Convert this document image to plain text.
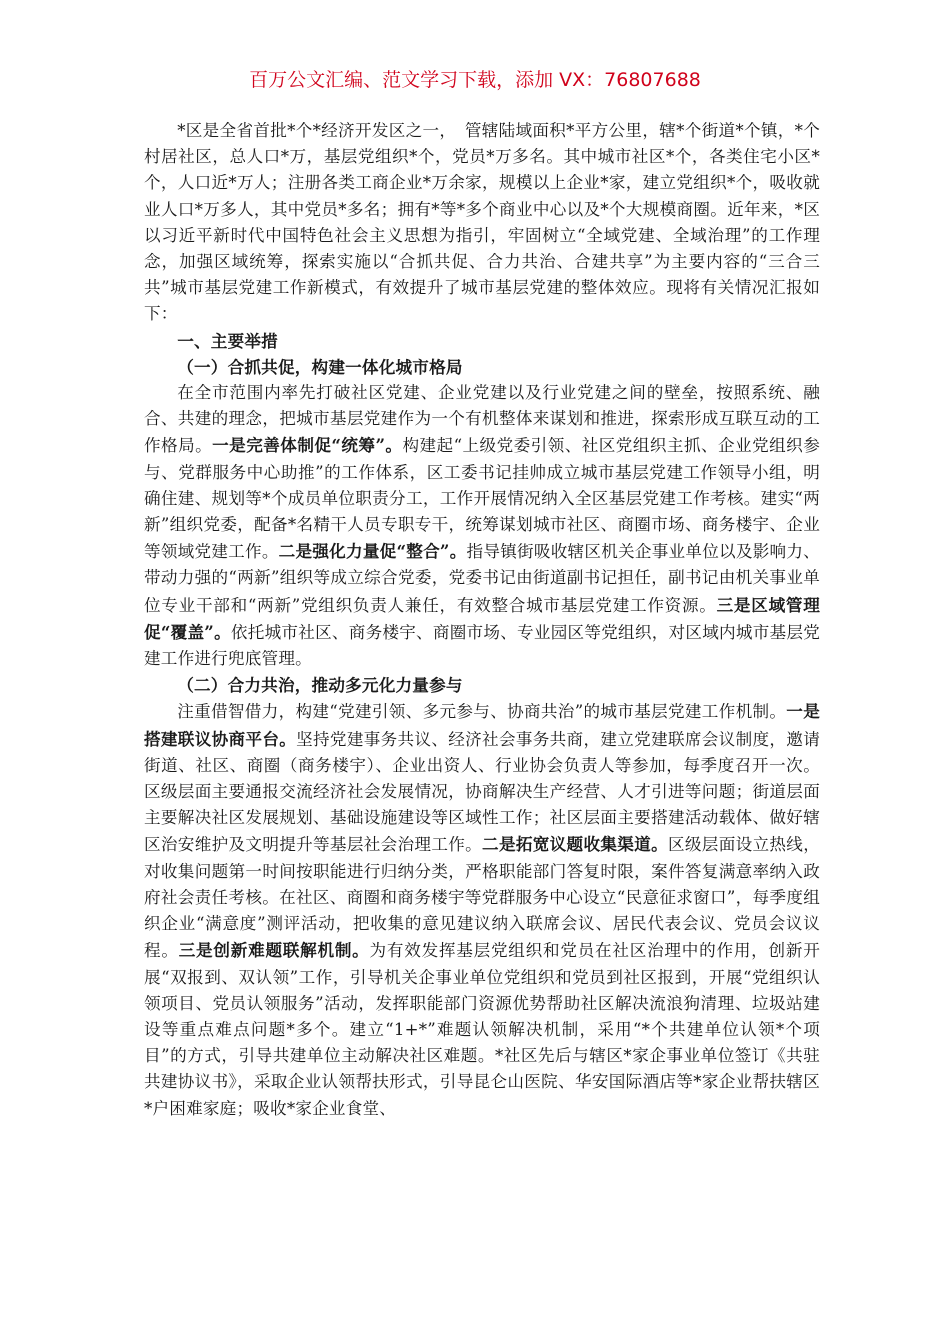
百万公文汇编、范文学习下载，添加 VX：76807688

*区是全省首批*个*经济开发区之一，　管辖陆域面积*平方公里，辖*个街道*个镇，*个村居社区，总人口*万，基层党组织*个，党员*万多名。其中城市社区*个，各类住宅小区*个，人口近*万人；注册各类工商企业*万余家，规模以上企业*家，建立党组织*个，吸收就业人口*万多人，其中党员*多名；拥有*等*多个商业中心以及*个大规模商圈。近年来，*区以习近平新时代中国特色社会主义思想为指引，牢固树立“全域党建、全域治理”的工作理念，加强区域统筹，探索实施以“合抓共促、合力共治、合建共享”为主要内容的“三合三共”城市基层党建工作新模式，有效提升了城市基层党建的整体效应。现将有关情况汇报如下：

一、主要举措
（一）合抓共促，构建一体化城市格局

在全市范围内率先打破社区党建、企业党建以及行业党建之间的壁垒，按照系统、融合、共建的理念，把城市基层党建作为一个有机整体来谋划和推进，探索形成互联互动的工作格局。一是完善体制促“统筹”。构建起“上级党委引领、社区党组织主抓、企业党组织参与、党群服务中心助推”的工作体系，区工委书记挂帅成立城市基层党建工作领导小组，明确住建、规划等*个成员单位职责分工，工作开展情况纳入全区基层党建工作考核。建实“两新”组织党委，配备*名精干人员专职专干，统筹谋划城市社区、商圈市场、商务楼宇、企业等领域党建工作。二是强化力量促“整合”。指导镇街吸收辖区机关企事业单位以及影响力、带动力强的“两新”组织等成立综合党委，党委书记由街道副书记担任，副书记由机关事业单位专业干部和“两新”党组织负责人兼任，有效整合城市基层党建工作资源。三是区域管理促“覆盖”。依托城市社区、商务楼宇、商圈市场、专业园区等党组织，对区域内城市基层党建工作进行兜底管理。

（二）合力共治，推动多元化力量参与

注重借智借力，构建“党建引领、多元参与、协商共治”的城市基层党建工作机制。一是搭建联议协商平台。坚持党建事务共议、经济社会事务共商，建立党建联席会议制度，邀请街道、社区、商圈（商务楼宇）、企业出资人、行业协会负责人等参加，每季度召开一次。区级层面主要通报交流经济社会发展情况，协商解决生产经营、人才引进等问题；街道层面主要解决社区发展规划、基础设施建设等区域性工作；社区层面主要搭建活动载体、做好辖区治安维护及文明提升等基层社会治理工作。二是拓宽议题收集渠道。区级层面设立热线，对收集问题第一时间按职能进行归纳分类，严格职能部门答复时限，案件答复满意率纳入政府社会责任考核。在社区、商圈和商务楼宇等党群服务中心设立“民意征求窗口”，每季度组织企业“满意度”测评活动，把收集的意见建议纳入联席会议、居民代表会议、党员会议议程。三是创新难题联解机制。为有效发挥基层党组织和党员在社区治理中的作用，创新开展“双报到、双认领”工作，引导机关企事业单位党组织和党员到社区报到，开展“党组织认领项目、党员认领服务”活动，发挥职能部门资源优势帮助社区解决流浪狗清理、垃圾站建设等重点难点问题*多个。建立“1+*”难题认领解决机制，采用“*个共建单位认领*个项目”的方式，引导共建单位主动解决社区难题。*社区先后与辖区*家企事业单位签订《共驻共建协议书》，采取企业认领帮扶形式，引导昆仑山医院、华安国际酒店等*家企业帮扶辖区*户困难家庭；吸收*家企业食堂、
